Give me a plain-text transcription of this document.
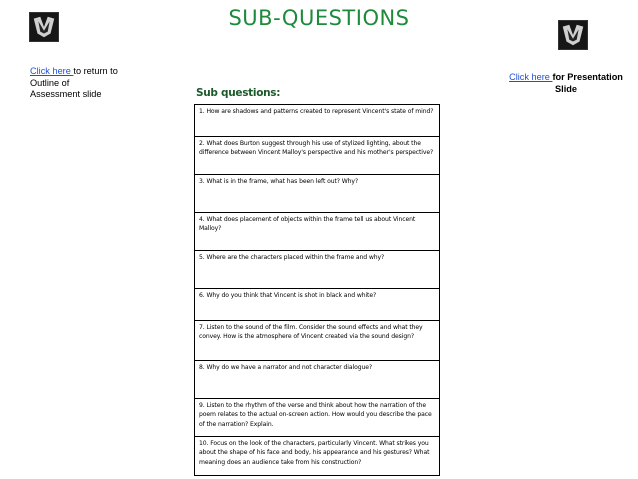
SUB-QUESTIONS
Click here to return to Outline of Assessment slide
Click here for Presentation Slide
Sub questions:
1. How are shadows and patterns created to represent Vincent's state of mind?
2. What does Burton suggest through his use of stylized lighting, about the difference between Vincent Malloy's perspective and his mother's perspective?
3. What is in the frame, what has been left out? Why?
4. What does placement of objects within the frame tell us about Vincent Malloy?
5. Where are the characters placed within the frame and why?
6. Why do you think that Vincent is shot in black and white?
7. Listen to the sound of the film. Consider the sound effects and what they convey. How is the atmosphere of Vincent created via the sound design?
8. Why do we have a narrator and not character dialogue?
9. Listen to the rhythm of the verse and think about how the narration of the poem relates to the actual on-screen action. How would you describe the pace of the narration? Explain.
10. Focus on the look of the characters, particularly Vincent. What strikes you about the shape of his face and body, his appearance and his gestures? What meaning does an audience take from his construction?
